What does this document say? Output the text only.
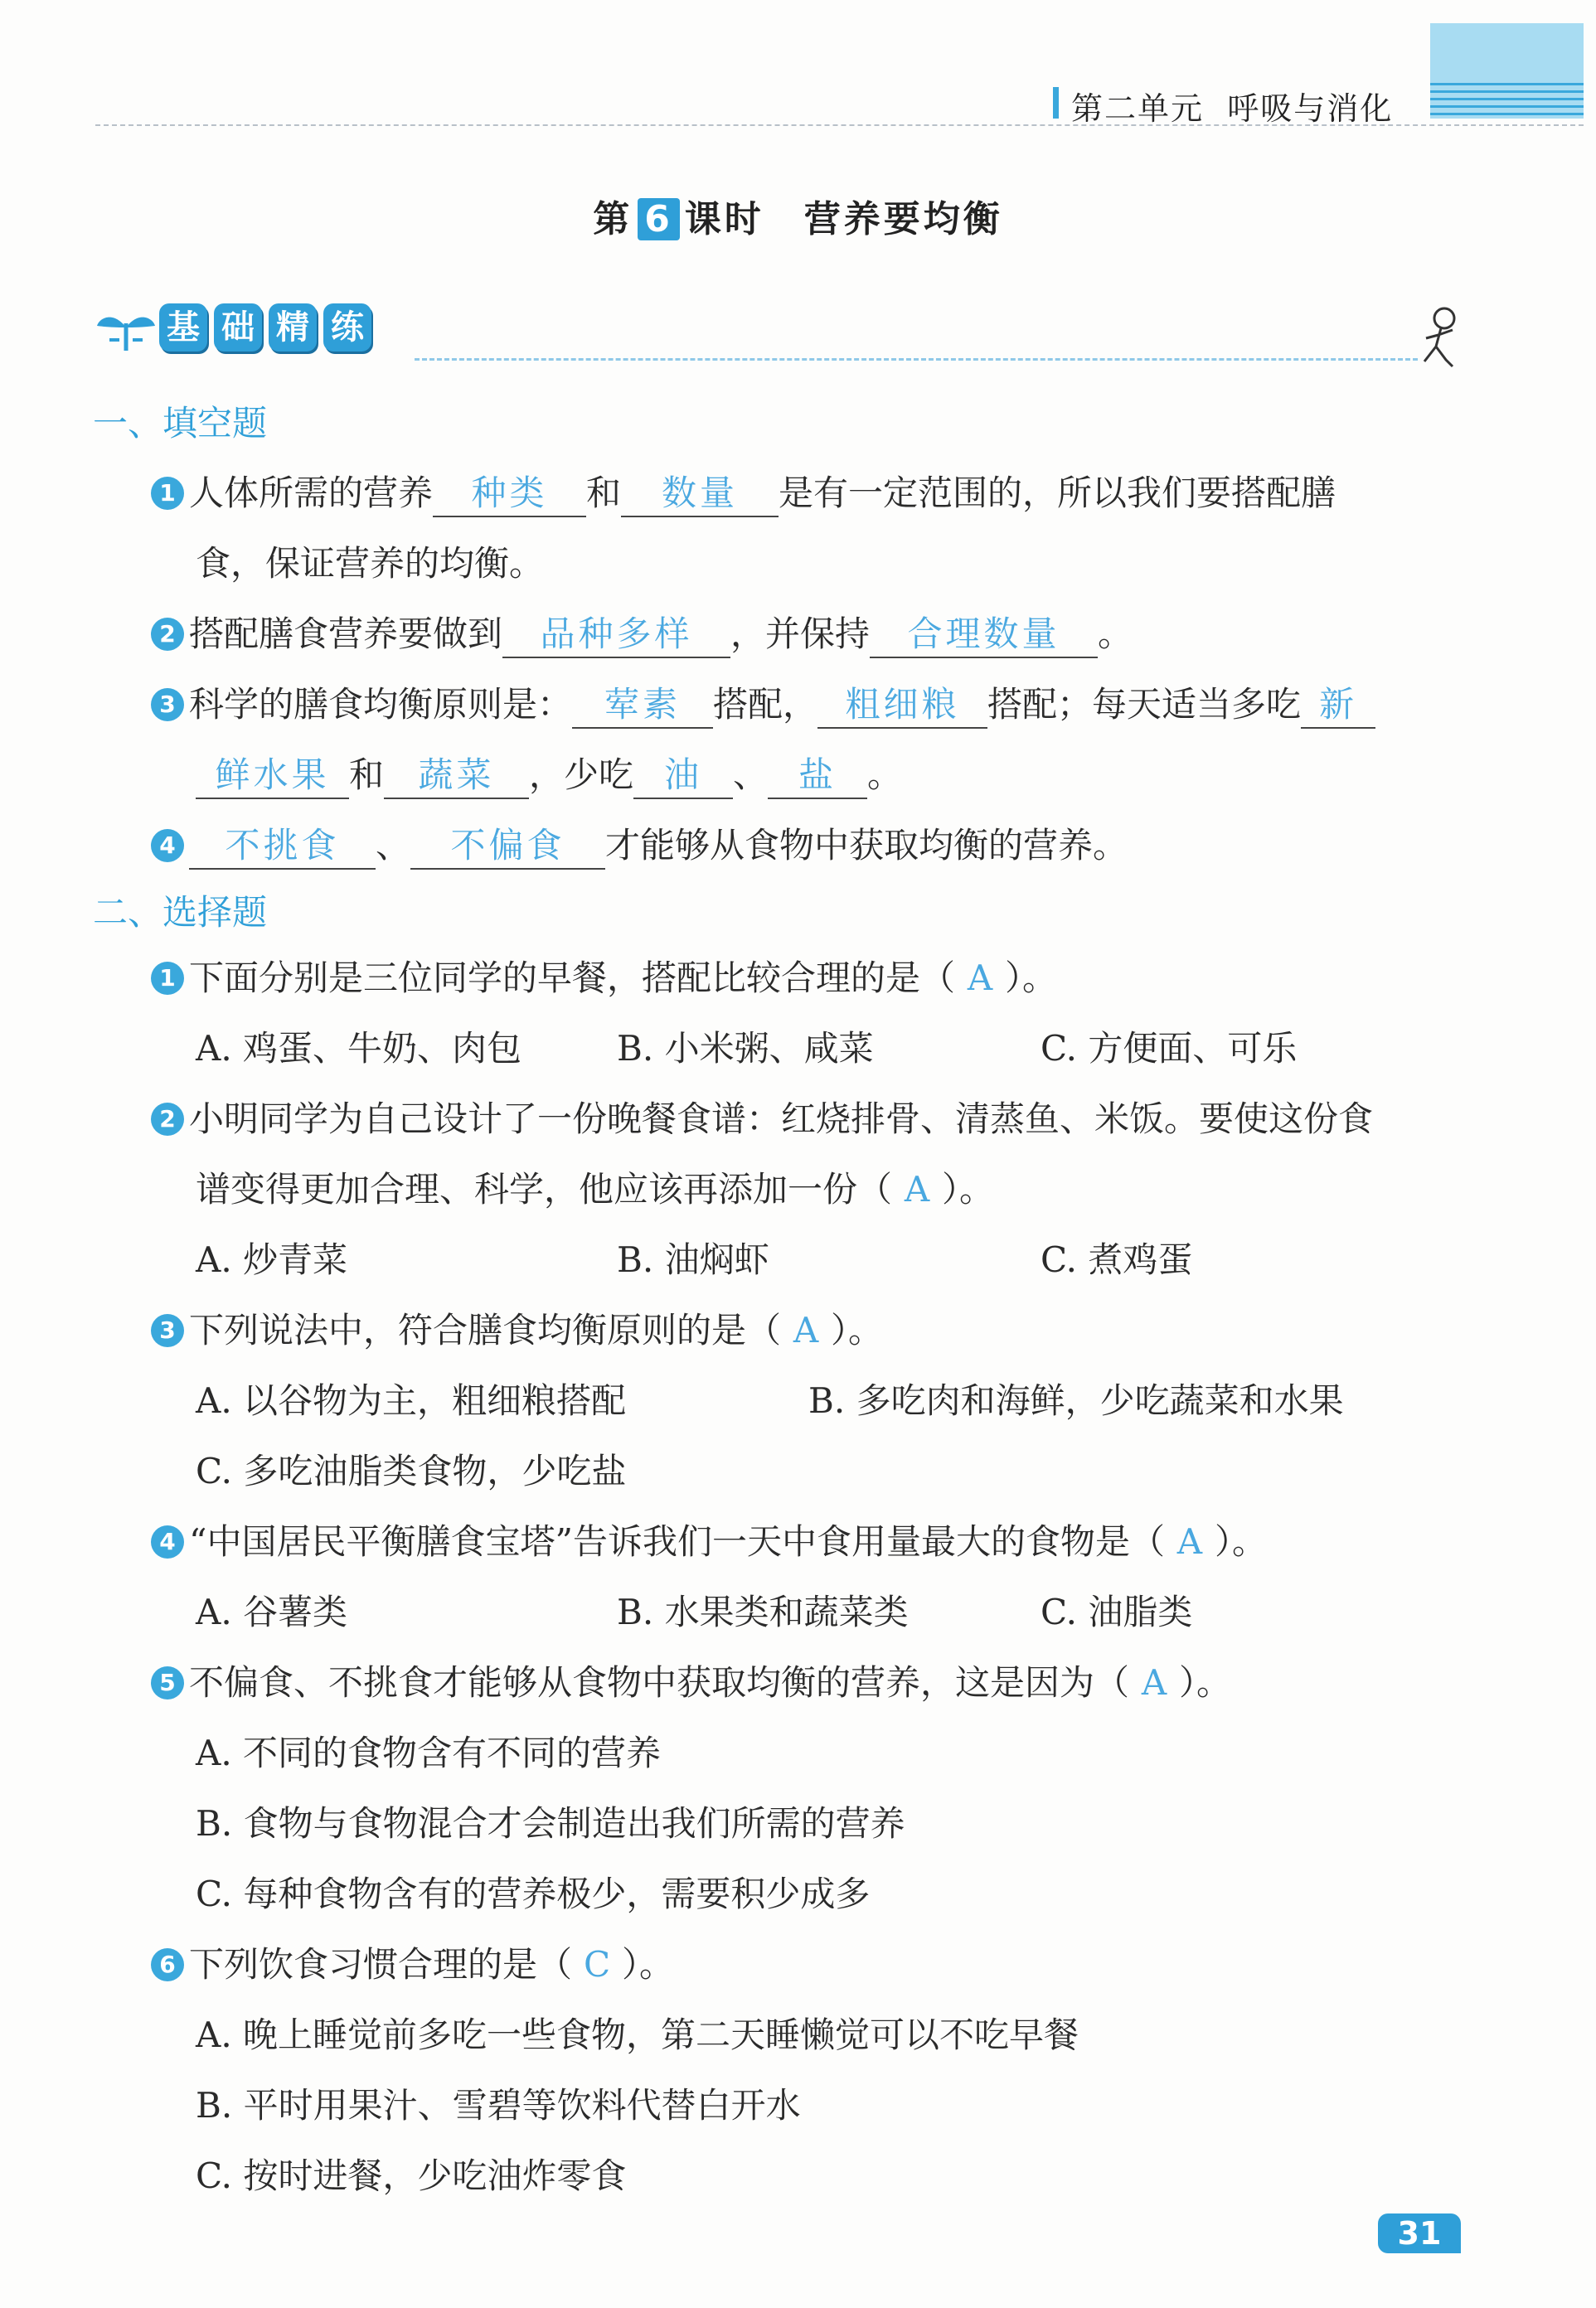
第二单元 呼吸与消化
第 6 课时　营养要均衡
基 础 精 练
一、填空题
1 人体所需的营养 种类 和 数量 是有一定范围的，所以我们要搭配膳
食，保证营养的均衡。
2 搭配膳食营养要做到 品种多样 ，并保持 合理数量 。
3 科学的膳食均衡原则是： 荤素 搭配， 粗细粮 搭配；每天适当多吃 新
鲜水果 和 蔬菜 ，少吃 油 、 盐 。
4 不挑食 、 不偏食 才能够从食物中获取均衡的营养。
二、选择题
1 下面分别是三位同学的早餐，搭配比较合理的是（ A ）。
A. 鸡蛋、牛奶、肉包	B. 小米粥、咸菜	C. 方便面、可乐
2 小明同学为自己设计了一份晚餐食谱：红烧排骨、清蒸鱼、米饭。要使这份食
谱变得更加合理、科学，他应该再添加一份（ A ）。
A. 炒青菜	B. 油焖虾	C. 煮鸡蛋
3 下列说法中，符合膳食均衡原则的是（ A ）。
A. 以谷物为主，粗细粮搭配	B. 多吃肉和海鲜，少吃蔬菜和水果
C. 多吃油脂类食物，少吃盐
4 “中国居民平衡膳食宝塔”告诉我们一天中食用量最大的食物是（ A ）。
A. 谷薯类	B. 水果类和蔬菜类	C. 油脂类
5 不偏食、不挑食才能够从食物中获取均衡的营养，这是因为（ A ）。
A. 不同的食物含有不同的营养
B. 食物与食物混合才会制造出我们所需的营养
C. 每种食物含有的营养极少，需要积少成多
6 下列饮食习惯合理的是（ C ）。
A. 晚上睡觉前多吃一些食物，第二天睡懒觉可以不吃早餐
B. 平时用果汁、雪碧等饮料代替白开水
C. 按时进餐，少吃油炸零食
31
